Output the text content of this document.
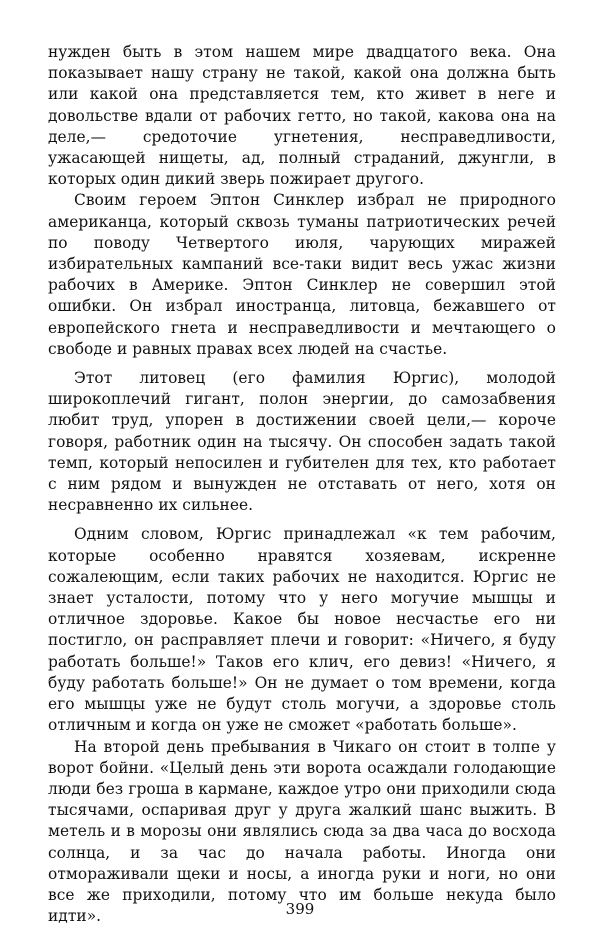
нужден быть в этом нашем мире двадцатого века. Она показывает нашу страну не такой, какой она должна быть или какой она представляется тем, кто живет в неге и довольстве вдали от рабочих гетто, но такой, какова она на деле,— средоточие угнетения, несправедливости, ужасающей нищеты, ад, полный страданий, джунгли, в которых один дикий зверь пожирает другого.

Своим героем Эптон Синклер избрал не природного американца, который сквозь туманы патриотических речей по поводу Четвертого июля, чарующих миражей избирательных кампаний все-таки видит весь ужас жизни рабочих в Америке. Эптон Синклер не совершил этой ошибки. Он избрал иностранца, литовца, бежавшего от европейского гнета и несправедливости и мечтающего о свободе и равных правах всех людей на счастье.

Этот литовец (его фамилия Юргис), молодой широкоплечий гигант, полон энергии, до самозабвения любит труд, упорен в достижении своей цели,— короче говоря, работник один на тысячу. Он способен задать такой темп, который непосилен и губителен для тех, кто работает с ним рядом и вынужден не отставать от него, хотя он несравненно их сильнее.

Одним словом, Юргис принадлежал «к тем рабочим, которые особенно нравятся хозяевам, искренне сожалеющим, если таких рабочих не находится. Юргис не знает усталости, потому что у него могучие мышцы и отличное здоровье. Какое бы новое несчастье его ни постигло, он расправляет плечи и говорит: «Ничего, я буду работать больше!» Таков его клич, его девиз! «Ничего, я буду работать больше!» Он не думает о том времени, когда его мышцы уже не будут столь могучи, а здоровье столь отличным и когда он уже не сможет «работать больше».

На второй день пребывания в Чикаго он стоит в толпе у ворот бойни. «Целый день эти ворота осаждали голодающие люди без гроша в кармане, каждое утро они приходили сюда тысячами, оспаривая друг у друга жалкий шанс выжить. В метель и в морозы они являлись сюда за два часа до восхода солнца, и за час до начала работы. Иногда они отмораживали щеки и носы, а иногда руки и ноги, но они все же приходили, потому что им больше некуда было идти».	399
